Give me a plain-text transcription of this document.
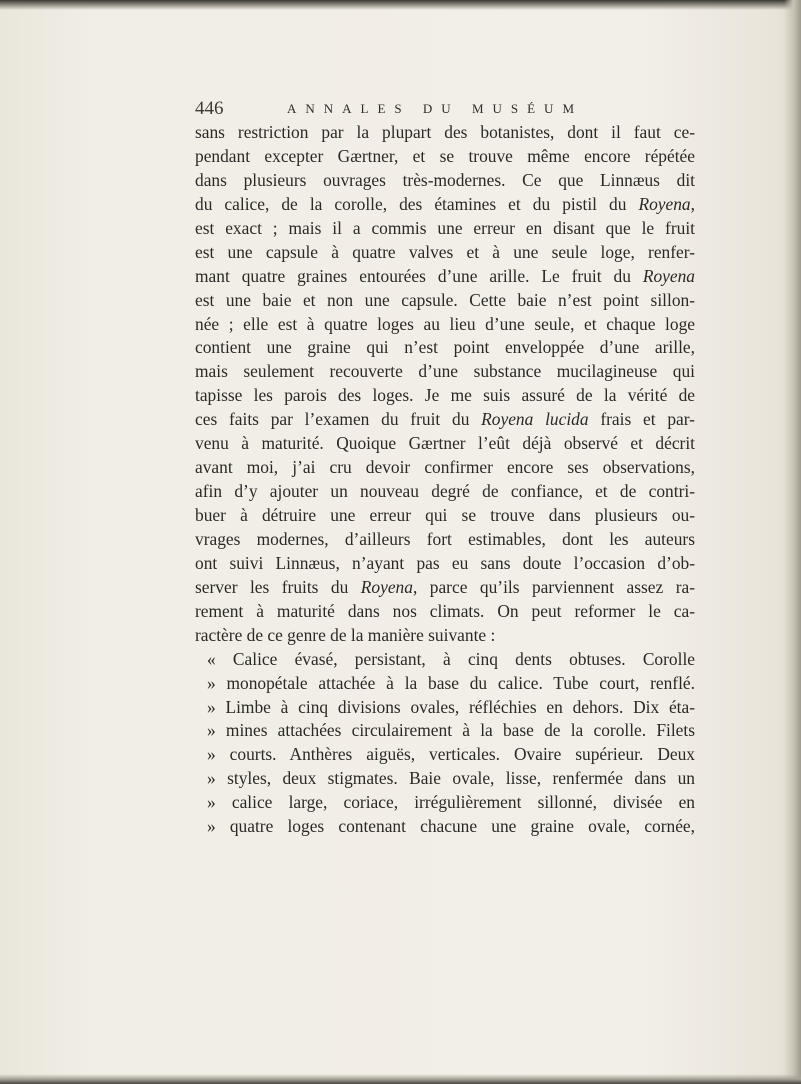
446	ANNALES DU MUSÉUM
sans restriction par la plupart des botanistes, dont il faut ce-
pendant excepter Gærtner, et se trouve même encore répétée
dans plusieurs ouvrages très-modernes. Ce que Linnæus dit
du calice, de la corolle, des étamines et du pistil du Royena,
est exact ; mais il a commis une erreur en disant que le fruit
est une capsule à quatre valves et à une seule loge, renfer-
mant quatre graines entourées d’une arille. Le fruit du Royena
est une baie et non une capsule. Cette baie n’est point sillon-
née ; elle est à quatre loges au lieu d’une seule, et chaque loge
contient une graine qui n’est point enveloppée d’une arille,
mais seulement recouverte d’une substance mucilagineuse qui
tapisse les parois des loges. Je me suis assuré de la vérité de
ces faits par l’examen du fruit du Royena lucida frais et par-
venu à maturité. Quoique Gærtner l’eût déjà observé et décrit
avant moi, j’ai cru devoir confirmer encore ses observations,
afin d’y ajouter un nouveau degré de confiance, et de contri-
buer à détruire une erreur qui se trouve dans plusieurs ou-
vrages modernes, d’ailleurs fort estimables, dont les auteurs
ont suivi Linnæus, n’ayant pas eu sans doute l’occasion d’ob-
server les fruits du Royena, parce qu’ils parviennent assez ra-
rement à maturité dans nos climats. On peut reformer le ca-
ractère de ce genre de la manière suivante :
« Calice évasé, persistant, à cinq dents obtuses. Corolle
» monopétale attachée à la base du calice. Tube court, renflé.
» Limbe à cinq divisions ovales, réfléchies en dehors. Dix éta-
» mines attachées circulairement à la base de la corolle. Filets
» courts. Anthères aiguës, verticales. Ovaire supérieur. Deux
» styles, deux stigmates. Baie ovale, lisse, renfermée dans un
» calice large, coriace, irrégulièrement sillonné, divisée en
» quatre loges contenant chacune une graine ovale, cornée,
